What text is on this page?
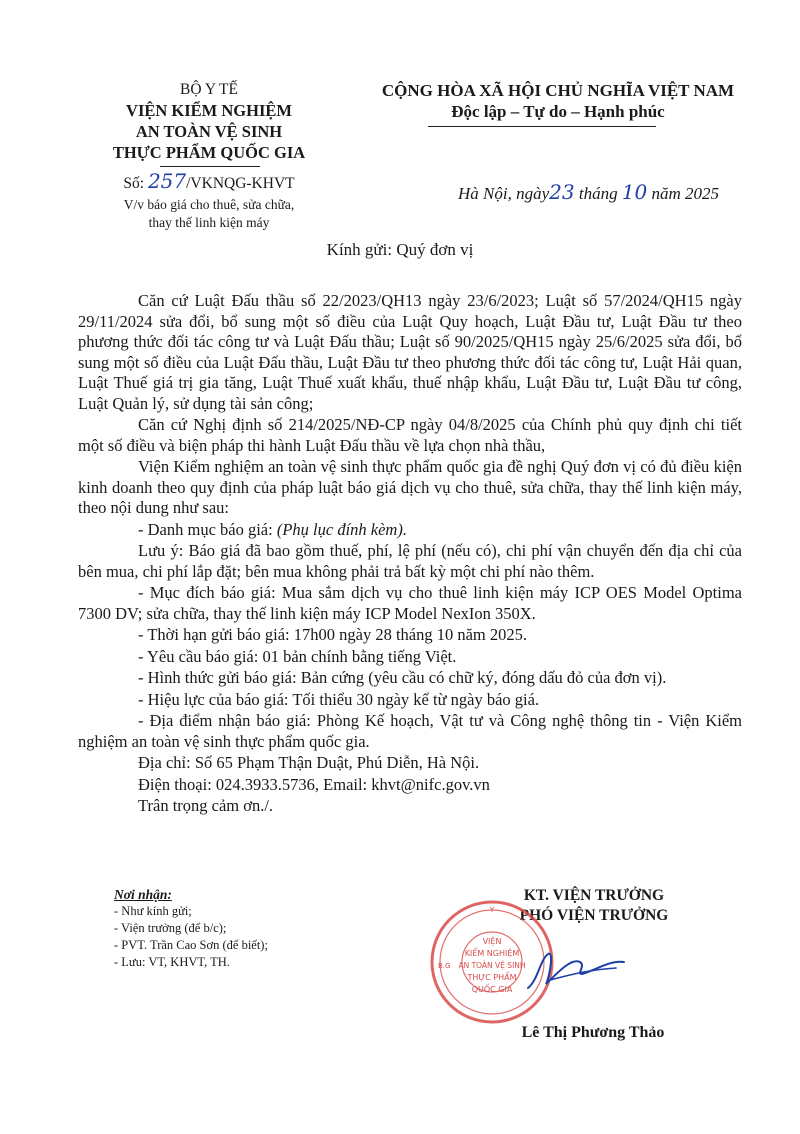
BỘ Y TẾ
VIỆN KIỂM NGHIỆM
AN TOÀN VỆ SINH
THỰC PHẨM QUỐC GIA
CỘNG HÒA XÃ HỘI CHỦ NGHĨA VIỆT NAM
Độc lập – Tự do – Hạnh phúc
Số: 257/VKNQG-KHVT
V/v báo giá cho thuê, sửa chữa,
thay thế linh kiện máy
Hà Nội, ngày23 tháng 10 năm 2025
Kính gửi: Quý đơn vị

Căn cứ Luật Đấu thầu số 22/2023/QH13 ngày 23/6/2023; Luật số 57/2024/QH15 ngày 29/11/2024 sửa đổi, bổ sung một số điều của Luật Quy hoạch, Luật Đầu tư, Luật Đầu tư theo phương thức đối tác công tư và Luật Đấu thầu; Luật số 90/2025/QH15 ngày 25/6/2025 sửa đổi, bổ sung một số điều của Luật Đấu thầu, Luật Đầu tư theo phương thức đối tác công tư, Luật Hải quan, Luật Thuế giá trị gia tăng, Luật Thuế xuất khẩu, thuế nhập khẩu, Luật Đầu tư, Luật Đầu tư công, Luật Quản lý, sử dụng tài sản công;

Căn cứ Nghị định số 214/2025/NĐ-CP ngày 04/8/2025 của Chính phủ quy định chi tiết một số điều và biện pháp thi hành Luật Đấu thầu về lựa chọn nhà thầu,

Viện Kiểm nghiệm an toàn vệ sinh thực phẩm quốc gia đề nghị Quý đơn vị có đủ điều kiện kinh doanh theo quy định của pháp luật báo giá dịch vụ cho thuê, sửa chữa, thay thế linh kiện máy, theo nội dung như sau:

- Danh mục báo giá: (Phụ lục đính kèm).

Lưu ý: Báo giá đã bao gồm thuế, phí, lệ phí (nếu có), chi phí vận chuyển đến địa chỉ của bên mua, chi phí lắp đặt; bên mua không phải trả bất kỳ một chi phí nào thêm.

- Mục đích báo giá: Mua sắm dịch vụ cho thuê linh kiện máy ICP OES Model Optima 7300 DV; sửa chữa, thay thế linh kiện máy ICP Model NexIon 350X.

- Thời hạn gửi báo giá: 17h00 ngày 28 tháng 10 năm 2025.

- Yêu cầu báo giá: 01 bản chính bằng tiếng Việt.

- Hình thức gửi báo giá: Bản cứng (yêu cầu có chữ ký, đóng dấu đỏ của đơn vị).

- Hiệu lực của báo giá: Tối thiểu 30 ngày kể từ ngày báo giá.

- Địa điểm nhận báo giá: Phòng Kế hoạch, Vật tư và Công nghệ thông tin - Viện Kiểm nghiệm an toàn vệ sinh thực phẩm quốc gia.

Địa chỉ: Số 65 Phạm Thận Duật, Phú Diễn, Hà Nội.

Điện thoại: 024.3933.5736, Email: khvt@nifc.gov.vn

Trân trọng cảm ơn./.

Nơi nhận:
- Như kính gửi;
- Viện trưởng (để b/c);
- PVT. Trần Cao Sơn (để biết);
- Lưu: VT, KHVT, TH.
KT. VIỆN TRƯỞNG
PHÓ VIỆN TRƯỞNG
VIỆN
KIỂM NGHIỆM
AN TOÀN VỆ SINH
THỰC PHẨM
QUỐC GIA
Y
B.G
Lê Thị Phương Thảo
